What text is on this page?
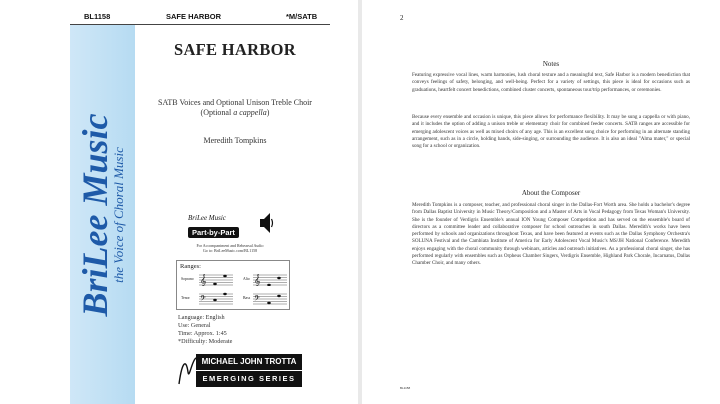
BL1158	SAFE HARBOR	*M/SATB
BriLee Music
the Voice of Choral Music
SAFE HARBOR
SATB Voices and Optional Unison Treble Choir
(Optional a cappella)
Meredith Tompkins
BriLee Music
Part-by-Part
For Accompaniment and Rehearsal Audio
Go to: BriLeeMusic.com/BL1158
Ranges:
Soprano	Alto
Tenor	Bass
𝄞	𝄞
𝄢	𝄢
Language: English
Use: General
Time: Approx. 1:45
*Difficulty: Moderate
MICHAEL JOHN TROTTA
EMERGING SERIES
2
Notes
Featuring expressive vocal lines, warm harmonies, lush choral texture and a meaningful text, Safe Harbor is a modern benediction that conveys feelings of safety, belonging, and well-being. Perfect for a variety of settings, this piece is ideal for occasions such as graduations, heartfelt concert benedictions, combined cluster concerts, spontaneous tour/trip performances, or ceremonies.
Because every ensemble and occasion is unique, this piece allows for performance flexibility. It may be sung a cappella or with piano, and it includes the option of adding a unison treble or elementary choir for combined feeder concerts. SATB ranges are accessible for emerging adolescent voices as well as mixed choirs of any age. This is an excellent song choice for performing in an alternate standing arrangement, such as in a circle, holding hands, side-singing, or surrounding the audience. It is also an ideal "Alma mater," or special song for a school or organization.
About the Composer
Meredith Tompkins is a composer, teacher, and professional choral singer in the Dallas-Fort Worth area. She holds a bachelor's degree from Dallas Baptist University in Music Theory/Composition and a Master of Arts in Vocal Pedagogy from Texas Woman's University. She is the founder of Verdigris Ensemble's annual ION Young Composer Competition and has served on the ensemble's board of directors as a committee leader and collaborative composer for school outreaches in south Dallas. Meredith's works have been performed by schools and organizations throughout Texas, and have been featured at events such as the Dallas Symphony Orchestra's SOLUNA Festival and the Cambiata Institute of America for Early Adolescent Vocal Music's MS/JH National Conference. Meredith enjoys engaging with the choral community through webinars, articles and outreach initiatives. As a professional choral singer, she has performed regularly with ensembles such as Orpheus Chamber Singers, Verdigris Ensemble, Highland Park Chorale, Incarnatus, Dallas Chamber Choir, and many others.
BL1158
